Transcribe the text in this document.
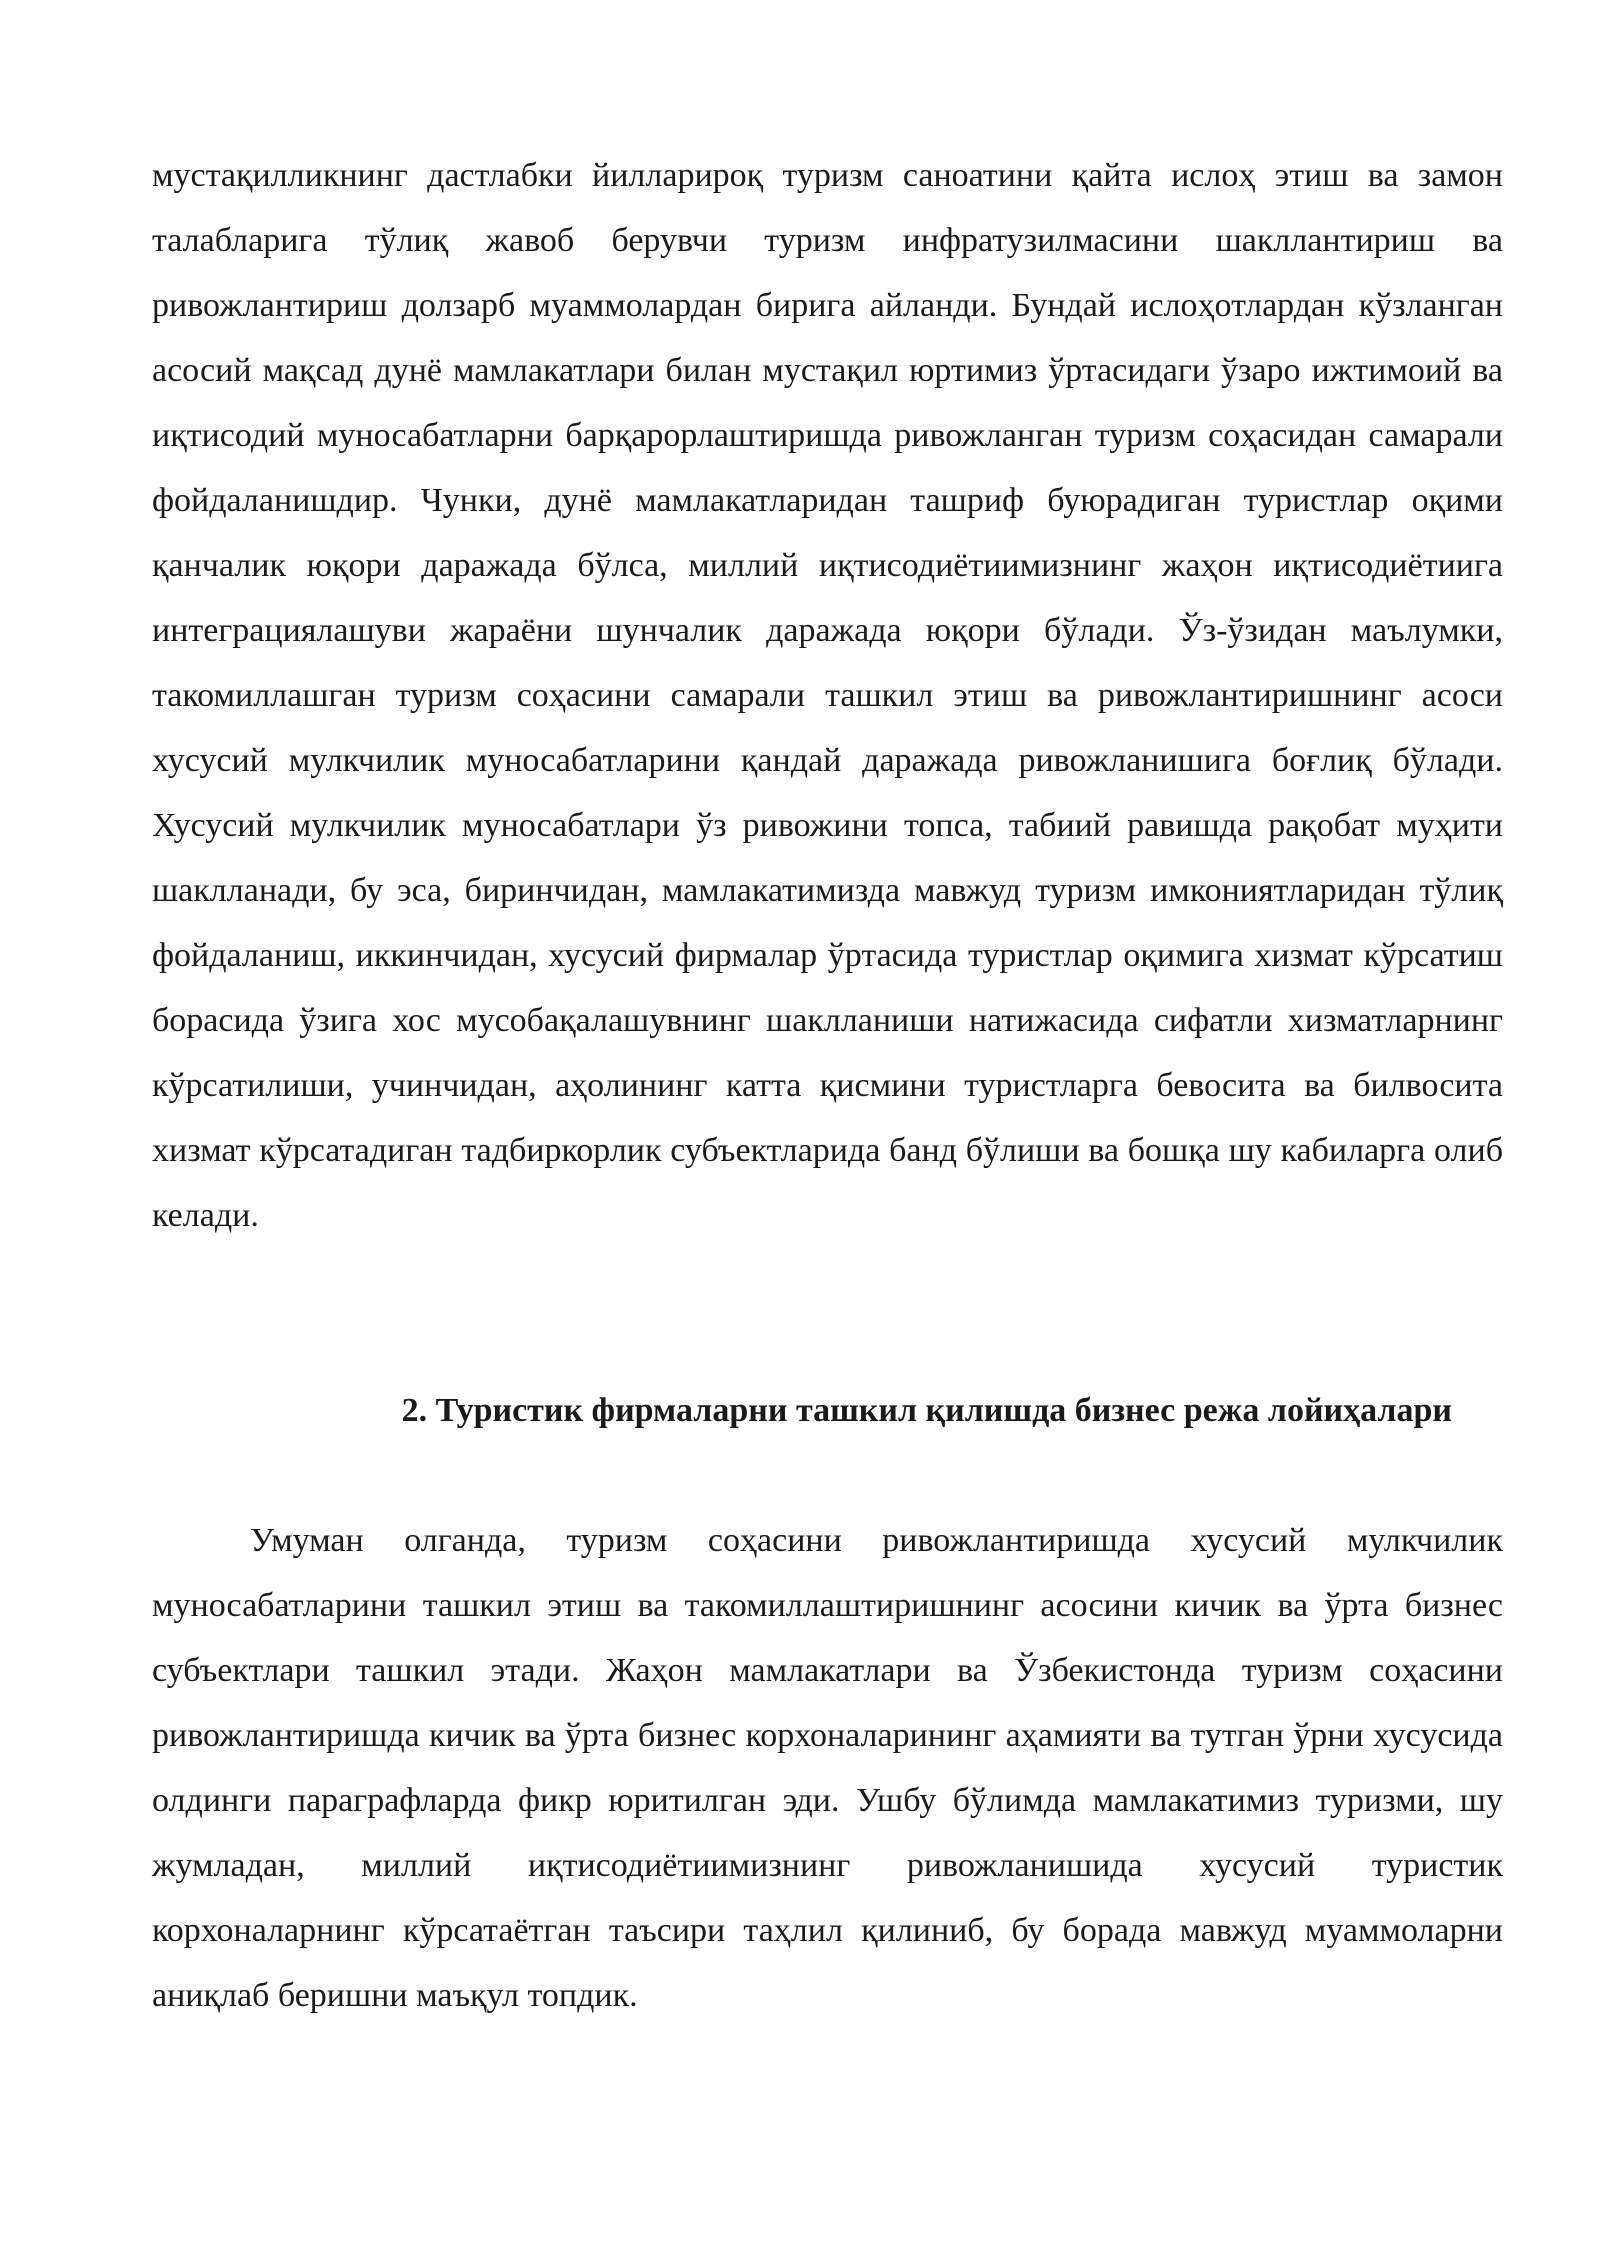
мустақилликнинг дастлабки йилларироқ туризм саноатини қайта ислоҳ этиш ва замон талабларига тўлиқ жавоб берувчи туризм инфратузилмасини шакллантириш ва ривожлантириш долзарб муаммолардан бирига айланди. Бундай ислоҳотлардан кўзланган асосий мақсад дунё мамлакатлари билан мустақил юртимиз ўртасидаги ўзаро ижтимоий ва иқтисодий муносабатларни барқарорлаштиришда ривожланган туризм соҳасидан самарали фойдаланишдир. Чунки, дунё мамлакатларидан ташриф буюрадиган туристлар оқими қанчалик юқори даражада бўлса, миллий иқтисодиётиимизнинг жаҳон иқтисодиётиига интеграциялашуви жараёни шунчалик даражада юқори бўлади. Ўз-ўзидан маълумки, такомиллашган туризм соҳасини самарали ташкил этиш ва ривожлантиришнинг асоси хусусий мулкчилик муносабатларини қандай даражада ривожланишига боғлиқ бўлади. Хусусий мулкчилик муносабатлари ўз ривожини топса, табиий равишда рақобат муҳити шаклланади, бу эса, биринчидан, мамлакатимизда мавжуд туризм имкониятларидан тўлиқ фойдаланиш, иккинчидан, хусусий фирмалар ўртасида туристлар оқимига хизмат кўрсатиш борасида ўзига хос мусобақалашувнинг шаклланиши натижасида сифатли хизматларнинг кўрсатилиши, учинчидан, аҳолининг катта қисмини туристларга бевосита ва билвосита хизмат кўрсатадиган тадбиркорлик субъектларида банд бўлиши ва бошқа шу кабиларга олиб келади.

2. Туристик фирмаларни ташкил қилишда бизнес режа лойиҳалари

Умуман олганда, туризм соҳасини ривожлантиришда хусусий мулкчилик муносабатларини ташкил этиш ва такомиллаштиришнинг асосини кичик ва ўрта бизнес субъектлари ташкил этади. Жаҳон мамлакатлари ва Ўзбекистонда туризм соҳасини ривожлантиришда кичик ва ўрта бизнес корхоналарининг аҳамияти ва тутган ўрни хусусида олдинги параграфларда фикр юритилган эди. Ушбу бўлимда мамлакатимиз туризми, шу жумладан, миллий иқтисодиётиимизнинг ривожланишида хусусий туристик корхоналарнинг кўрсатаётган таъсири таҳлил қилиниб, бу борада мавжуд муаммоларни аниқлаб беришни маъқул топдик.
